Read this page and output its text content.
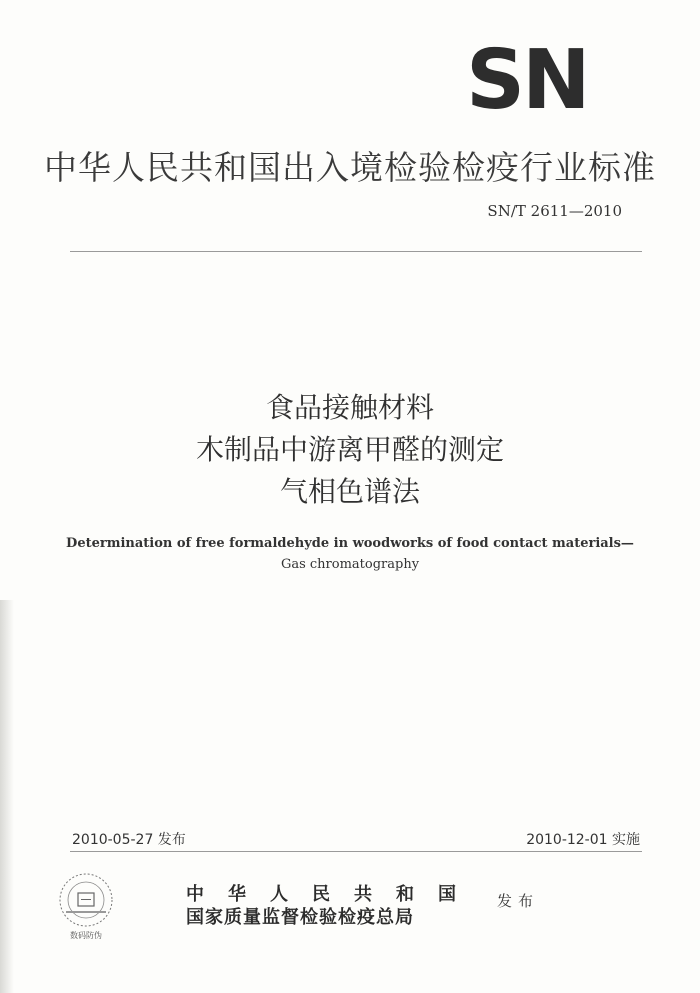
SN
中华人民共和国出入境检验检疫行业标准
SN/T 2611—2010
食品接触材料
木制品中游离甲醛的测定
气相色谱法
Determination of free formaldehyde in woodworks of food contact materials—
Gas chromatography
2010-05-27 发布	2010-12-01 实施
数码防伪
中华人民共和国
国家质量监督检验检疫总局
发布
